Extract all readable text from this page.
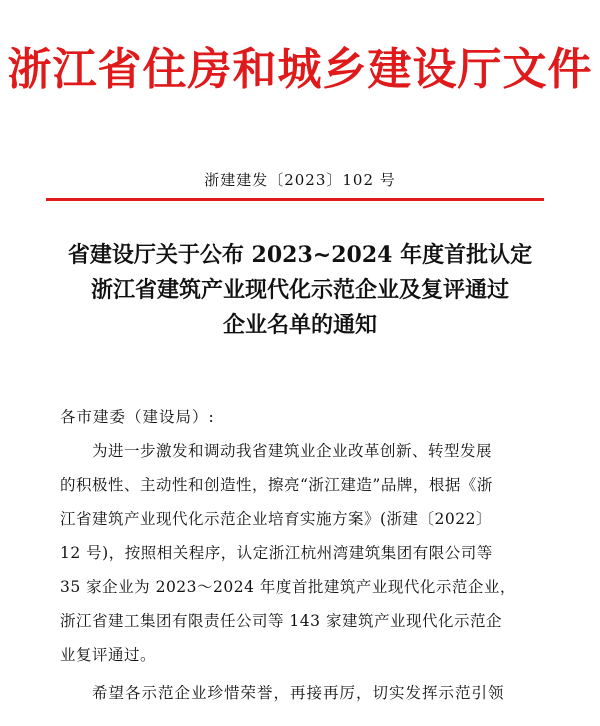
浙江省住房和城乡建设厅文件
浙建建发〔2023〕102 号
省建设厅关于公布 2023~2024 年度首批认定
浙江省建筑产业现代化示范企业及复评通过
企业名单的通知
各市建委（建设局）:
为进一步激发和调动我省建筑业企业改革创新、转型发展
的积极性、主动性和创造性，擦亮“浙江建造”品牌，根据《浙
江省建筑产业现代化示范企业培育实施方案》(浙建〔2022〕
12 号)，按照相关程序，认定浙江杭州湾建筑集团有限公司等
35 家企业为 2023～2024 年度首批建筑产业现代化示范企业，
浙江省建工集团有限责任公司等 143 家建筑产业现代化示范企
业复评通过。
希望各示范企业珍惜荣誉，再接再厉，切实发挥示范引领
